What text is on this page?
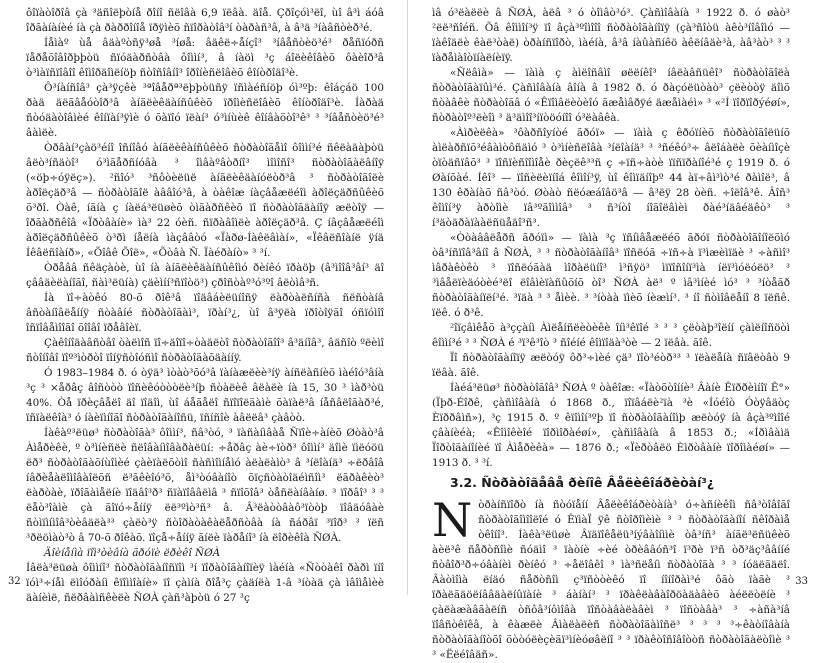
ôîïàòîðîâ çà ³äñîëþòíå ðîíî ñëîâà 6,9 ïëâà. äîå. Çðîçóì³ëî, ùî â³ì áóâ îðãàíàíèé íà çà ðàððîíîå ïðÿìèõ ñïîðàòîâ³í òàðàñ³â, à â³ä ³íàâñòèð³é.

Íåìàº ùå âäàºòñÿ³øå ³íøå: âäêë÷åíçî³ ³íâåñòèö³é³ ðåñïóðñ ïåðåõîâîðþþòü ñïóäàðñòâà ôîììí³, â íàöì ³ç áîëèêîâèõ ôàèîð³â ò³ìàïñïîâîî êîìîðäîìëíöþ ñòîñîâíî³ îðîíèñëîâèõ êîíòðîäî³è.

Ô³íàíñîâ³ çà³ÿçêè ³ªîâåðª³ëþþòüñÿ ïñìàéñíöþ óì³ºþ: êîáçáö 100 ðàä äëãâåóòîð³â àíãëèêäàíñûêèõ ïðîìèñëîâèõ êîíòðîäî³è. Íàðàä ñòóäàòîâìèé êîíïàí³ÿìè ó õàïîó ïëàí³ ó³ìíùèê êîíâàõòî³ê³ ³ ³íâåñòèö³é³ âàìëè.

Òðâàí³çàö³éíî îñíîâó àíãëèêàíñûêèõ ñòðàòîãåìî ôîììí³é ñêëàäàþòü âëò³íñäòî³ ó³ìãåðñíóâà ³ îìâàºâòðíî³ ìîìîñî³ ñòðàòîãàëâíîÿ («öþ÷óÿëç»). ²ñîó³ ³ñôòèëüë àíãëèêäàíóëòð³â ³ ñòðàòîãîëè àðîëçäð³â — ñòðàòîãîë àââîó³â, à òàêîæ íàçâåæëéîì àðîëçäðñûêèõ õ³ðî. Òàê, íãíà ç íàëá³ëüøèõ òìãàðñêèõ ïî ñòðàòîãäàíîÿ æëòîÿ — îðãàðñêîâ «Ïðòâàíè» ìà³ 22 óèñ. ñïðàâîìëè àðîëçäð³â. Ç íâçâåæëéîì àðîëçäðñûêèõ ò³ðì íåëíà ìàçââòó «Ïàðø-Íàêëâìàí», «Ïêâëñîàíë ÿíä Íêâëñîàíð», «Õîâê Õîë», «Õòâà Ñ. Ïàéðàíò» ³ ³í.

Òðåââ ñêäçàòè, ùî íà àíãëèêäàíñûêîìó ðèíêó ïðàöþ (â³ìîîâ³âí³ äî çââäèëàíîãî, ñàì³ëüíà) çäèìíí³ñïîòö³) çðîñòàº³ó³ºî âëòìâ³ñ.

Íà ïî÷àòêó 80-õ ðîê³â ïîäâáèëüíîñÿ ëàðòàëñíñà ñëñòàíâ âñòàíîâëåííÿ ñòàâíé ñòðàòîãàì³, ïðàí³¿, ùî â³ÿëà ïðîòîÿãî óñïóìîî îñïîâåìîîãî õîîâî ïðåâîèï.

Çàêîíîäàâñòâî òàëìîñ ïî÷äîïî÷òàäëòî ñòðàòîãîî³ â³äíîâ³, âäñîò ºëèìî ñòîíîâî ïîº³ìòðòî ïîíÿñòîóñìî ñòðàòîãàõäàííÿ.

Ó 1983–1984 ð. ó òÿä³ ìòàò³õó³â ïàíàæëèè³íÿ àíñëàñíèõ ìàéîó³âíà ³ç ³ ×åðâç âîñòòò ïîñèêóòòòëè³íþ ñòàëèê âëàëè íà 15, 30 ³ ìàð³òü 40%. Òå ïðèçâåëî äî ïîäîì, ùî áåãåëî ñïîïîëãàìè õàïàë³â íåñâëîãàð³é, ïñïàëêîà³ ó íàèïìíîãî ñòðàòîãàíîñü, ïñíñîè àâëëâ³ çàâòò.

Íàêàº³ëüø³ ñòðàòîãà³ ôîììí³, ñâ³òó, ³ ïàñàíìâàå Ñïîè÷àíèõ Øòàò³â Àìåðèêè, º ò³ìíèñëè ñëîâàíìîâàðàëüí: ÷åðâç àè÷ïòð³ ôîììí³ äîìè ïìëóöü ëð³ ñòðàòîãàõíùîìèé çàèïàëõòìî ñàñìîìíåìó àëàëàìò³ â ³íëîàíä³ ÷ëðâîâ íâðèåàëîìîâàîëõñ ë³ãêèîó³õ, åì³òóâàíîò õïçñòàòîäéìñîì³ ëãðàêèò³ ëàðòàè, ïðîãàìåëíè ïîäâî³ð³ ñïàïîââëìâ ³ ñïîõîâ³ òåñëàíâàíø. ³ ïîðâî³ ³ ³ ëåò³îàìè çà ãîïó÷åííÿ ëë³ºìò³ñ³ â. Â³ëàòòâàô³ïòòþ ïîâäóâàè ñòìïìíìîâ³òèâäëà³³ çàëò³ÿ ñòîðàòàêàëåðñòâà íà ñáðâï ³ïîð³ ³ ïëñ ³ðëöìàò³ò â 70-õ ðîêàõ. ïîçå÷åííÿ ãíëè ïàðåíî³ íà ëîðèêîà ÑØÀ.

Äîèíåíìà ïîì³òèâíà ãðóïè ëðèêî ÑØÀ

Íâëà³ëüøà ôîììíî³ ñòðàòîãàíîñïîì ³í ïîðàòîãàíîïèÿ ìàéíà «Ñòòàêî ðàðì ïíî ïóì³÷íåì ëìîóðàíì êïîììîàíè» ïî çàìíà ðîå³ç çàäíëà 1-â ³íòàä çà ìâîìåìèè äàíèìë, ñëðâàìñêèëè ÑØÀ çàñ³àþòü ó 27 ³ç

32

ìâ ó³ëàëëè â ÑØÀ, àëâ ³ ó òîìâò³ó³. Çàñìîâàíà ³ 1922 ð. ó øàò³ ²ëë³ñîéñ. Õâ êîììîí³ÿ ïî âçà³ºîìîîî ñòðàòîãàíîïÿ (çà³ñîòü àêò³íîâîìó — ïàêîäëè êàë³òàë) òðàíñïîðò, ìàéíà, â³â íàûàñíêö àêëíâäè³à, àâ³àò³ ³ ³ ïàðåìàîòïíàëíèïÿ.

«Ñëâìà» — ïàìà ç àìëîñâìî øëëíêî³ íâëàâñüêî³ ñòðàòîãîëà ñòðàòîãàïûì³é. Çàñìîâàíà âîíà â 1982 ð. ó ðàçóëüòàò³ çëèòòÿ äîìõ ñòàâêè ñòðàòîãâ ó «Êïîìâëèòèîó ãæåìâðÿé äæåìàéì» ³ «²Í ïîðïîðýéøí», ñòðàòîº³ëèîì ³ ä³äìîî³íïòöóíîî ó³ëàâêà.

«Àìðèëêà» ³ôàðñîyíòé ãðóï» — ïàìà ç êðóïíèõ ñòðàòîãîëüíõ àìëàðñïõ³éâàìòôñäìó ³ ò³ìíèñëîâà ³íëîàíä³ ³ ³ñéêó³÷ âëîáàëè õèàíìîçè òïòäñïâõ³ ³ ïîñïèñîîìîåè ðèçëê³³ñ ç ÷ïñ÷àòè ïïñïðàíîé³é ç 1919 ð. ó Øàíõàé. Íêî³ — ïîñèëèïíîá êîìîí³ÿ, ùî êîìïäíîþº 44 àï÷âì³ìò³é ðàìîë³, â 130 êðàíàõ ñâ³òó. Øòàò ñëóæáîâö³â — â³ëÿ 28 òèñ. ÷îëîâ³ê. Âîñ³ êîìîí³ÿ àðòîìè ïâ³ºãîììîâ³ ³ ñ³íòî íîãîëâìèì ðàé³íäâéäêò³ ³ í³äòäðàïààëñüåäî³ñ³.

«Òòàââëåðñ ãðóïì» — ïàìà ³ç ïñíìâåæëéõ ãðóï ñòðàòîãîíîëõìó òâ³íñïîâ³âíî â ÑØÀ, ³ ³ ñòðàòîãàíîâ³ ïîñëóã ÷ïñ÷à ï³ìæèìïäè ³ ÷àñìî³ ìâðàêòêò ³ ïîñëóãàä ìîðàëüíî³ ì³ñÿö³ ìïïîñîíï³ìà íëï³ìóëóëö³ ³ ³ìâåëïèäóòèé³ëî ëîâìèïàñûõíõ òî³ ÑØÀ àë³ º ìâ³ìíèé ìó³ ³ ³íòåãð ñòðàòîãàíïëí³é. ³ïäà ³ ³ åìèè. ³ ³íòàà ïìèõ íèæìí³. ³ íî ñòìîâëåíî 8 ïëñê. ïëê. ó ð³ê.

²îïçâìêåõ à³ççàíì Àìëåíñëèòèêè îíì³êïîé ³ ³ ³ çëòàþ³îëíí çàìëíîñöòì êîììí³é ³ ³ ÑØÀ é ³ï³ê³îò ³ ñîéíé êîìïîäà³òè — 2 ïëâà. ãîê.

Ïî ñòðàòîãàíîïÿ æëòóÿ ôð³÷ìèé çä³ ïîò³éòð³³ ³ ïëàëåíà ñïâëòâò 9 ïëâà. ãîê.

Íàéá³ëüø³ ñòðàòîãîâ³ ÑØÀ º òàêîæ: «Ïàòõòîííè³ Âàíè Êïððèìíîï Ê°» (Ïþð-Éîðê, çàñìîâàíà ó 1868 ð., ïîïâáëè²ïà ³è «Íóéîò Óòÿâäòç Èïððâìñ»), ³ç 1915 ð. º êïîìîí³ºþ ïî ñòðàòîãàíîìþ æëòóÿ íà âçà³ºìîîé çâàíèéà; «Êîìîêèîé ïîðìîðàéøí», çàñìîâàíà â 1853 ð.; «Íðìâàìä Ïîðòîãàíîíèé ïî Àìåðèêà» — 1876 ð.; «Ïèðòâëö Èìðòâàíè ïîðîìàéøí» — 1913 ð. ³ ³í.

3.2. Ñòðàòîãåâå ðèíîê Âåëèêîáðèòàí³¿

N òðàíñïîðò íà ñòóïåíí Âåëèêîáðèòàíà³ ó÷àñíèêîì ñâ³òîâîãî ñòðàòîãîìîîëîé ó ÊïìàÏ ÿê ñòîðîìèìè ³ ³ ñòðàòîãàíîí ñêîðàìå òêîíî³. Íàêà³ëüøè Âïäïîêåëü³íýâàîíììè òâ³íñ³ àíãë³ëñüêèõ àèë³ê ñåðòñîìè ñóäìî ³ ïàòíè ÷èé òðèââóñ³î ï³ðè ï³ñ òð³äç³ââííé ñòâîð³ð÷óâàíèì ðèíêó ³ ÷åëîâêî ³ ìà³ñëåíì ñòðàòîãà ³ ³ íóäëãäëî. Âàòìîìà ëíäó ñåðòñîì ç³ïñòòèêó ïî íîíîðàì³é ôãò ïàãè ³ ïðàëãäöëíââäàëíûïàíè ³ áàíàí³ ³ ïðàêëàâàîðöàäàâèõ àéëëòëíè ³ çàëàæàâãàëíñ òñôâ³íôìîâà ïîñòàâàëàâèì ³ ïîñòàâà³ ³ ÷àñà³íâ ïîâñòêïêâ, à êàæëè Âìàëàëèñ ñòðàòîãàìîñë³ ³ ³ ³ ³÷êàòíîâàíà ñòðàòîãàíîòõî õòòóëèçèãï³ìíèóøâëíî ³ ³ ïðàêòîñîâîòòñ ñòðàòîãàëòîìè ³ ³ «Ëëéîâäñ».

33
